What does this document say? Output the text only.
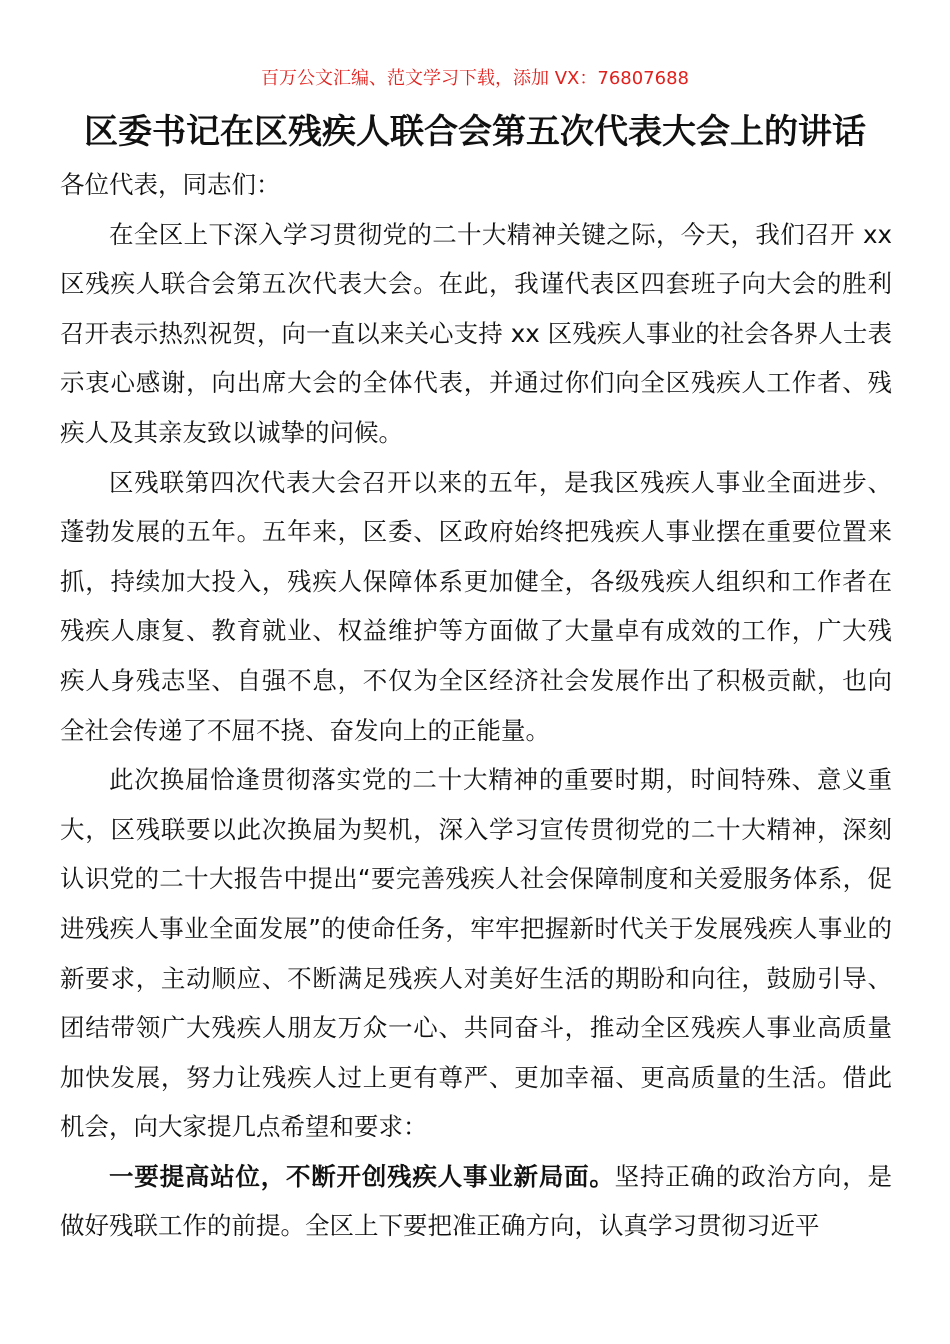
百万公文汇编、范文学习下载，添加 VX：76807688
区委书记在区残疾人联合会第五次代表大会上的讲话

各位代表，同志们：

在全区上下深入学习贯彻党的二十大精神关键之际，今天，我们召开 xx 区残疾人联合会第五次代表大会。在此，我谨代表区四套班子向大会的胜利召开表示热烈祝贺，向一直以来关心支持 xx 区残疾人事业的社会各界人士表示衷心感谢，向出席大会的全体代表，并通过你们向全区残疾人工作者、残疾人及其亲友致以诚挚的问候。

区残联第四次代表大会召开以来的五年，是我区残疾人事业全面进步、蓬勃发展的五年。五年来，区委、区政府始终把残疾人事业摆在重要位置来抓，持续加大投入，残疾人保障体系更加健全，各级残疾人组织和工作者在残疾人康复、教育就业、权益维护等方面做了大量卓有成效的工作，广大残疾人身残志坚、自强不息，不仅为全区经济社会发展作出了积极贡献，也向全社会传递了不屈不挠、奋发向上的正能量。

此次换届恰逢贯彻落实党的二十大精神的重要时期，时间特殊、意义重大，区残联要以此次换届为契机，深入学习宣传贯彻党的二十大精神，深刻认识党的二十大报告中提出“要完善残疾人社会保障制度和关爱服务体系，促进残疾人事业全面发展”的使命任务，牢牢把握新时代关于发展残疾人事业的新要求，主动顺应、不断满足残疾人对美好生活的期盼和向往，鼓励引导、团结带领广大残疾人朋友万众一心、共同奋斗，推动全区残疾人事业高质量加快发展，努力让残疾人过上更有尊严、更加幸福、更高质量的生活。借此机会，向大家提几点希望和要求：

一要提高站位，不断开创残疾人事业新局面。坚持正确的政治方向，是做好残联工作的前提。全区上下要把准正确方向，认真学习贯彻习近平
